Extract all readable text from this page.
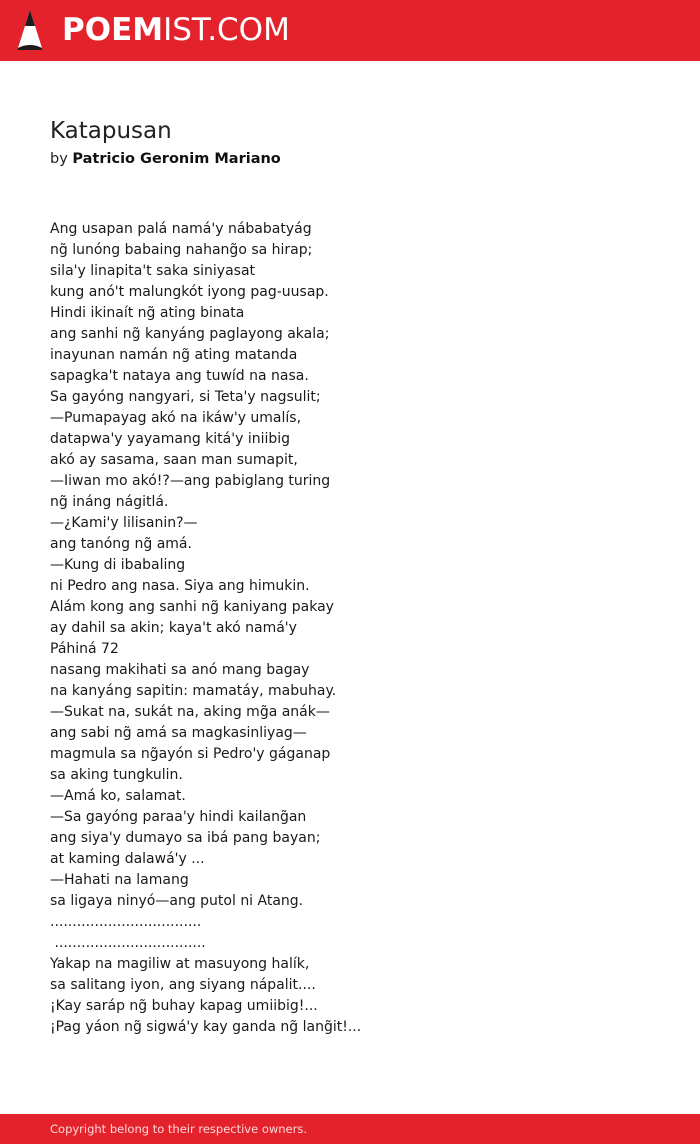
POEMIST.COM
Katapusan
by Patricio Geronim Mariano
Ang usapan palá namá'y nábabatyág
ng̃ lunóng babaing nahang̃o sa hirap;
sila'y linapita't saka siniyasat
kung anó't malungkót iyong pag-uusap.
Hindi ikinaít ng̃ ating binata
ang sanhi ng̃ kanyáng paglayong akala;
inayunan namán ng̃ ating matanda
sapagka't nataya ang tuwíd na nasa.
Sa gayóng nangyari, si Teta'y nagsulit;
—Pumapayag akó na ikáw'y umalís,
datapwa'y yayamang kitá'y iniibig
akó ay sasama, saan man sumapit,
—Iiwan mo akó!?—ang pabiglang turing
ng̃ ináng nágitlá.
—¿Kami'y lilisanin?—
ang tanóng ng̃ amá.
—Kung di ibabaling
ni Pedro ang nasa. Siya ang himukin.
Alám kong ang sanhi ng̃ kaniyang pakay
ay dahil sa akin; kaya't akó namá'y
Páhiná 72
nasang makihati sa anó mang bagay
na kanyáng sapitin: mamatáy, mabuhay.
—Sukat na, sukát na, aking mg̃a anák—
ang sabi ng̃ amá sa magkasinliyag—
magmula sa ng̃ayón si Pedro'y gáganap
sa aking tungkulin.
—Amá ko, salamat.
—Sa gayóng paraa'y hindi kailang̃an
ang siya'y dumayo sa ibá pang bayan;
at kaming dalawá'y ...
—Hahati na lamang
sa ligaya ninyó—ang putol ni Atang.
..................................
..................................
Yakap na magiliw at masuyong halík,
sa salitang iyon, ang siyang nápalit....
¡Kay saráp ng̃ buhay kapag umiibig!...
¡Pag yáon ng̃ sigwá'y kay ganda ng̃ lang̃it!...
Copyright belong to their respective owners.
